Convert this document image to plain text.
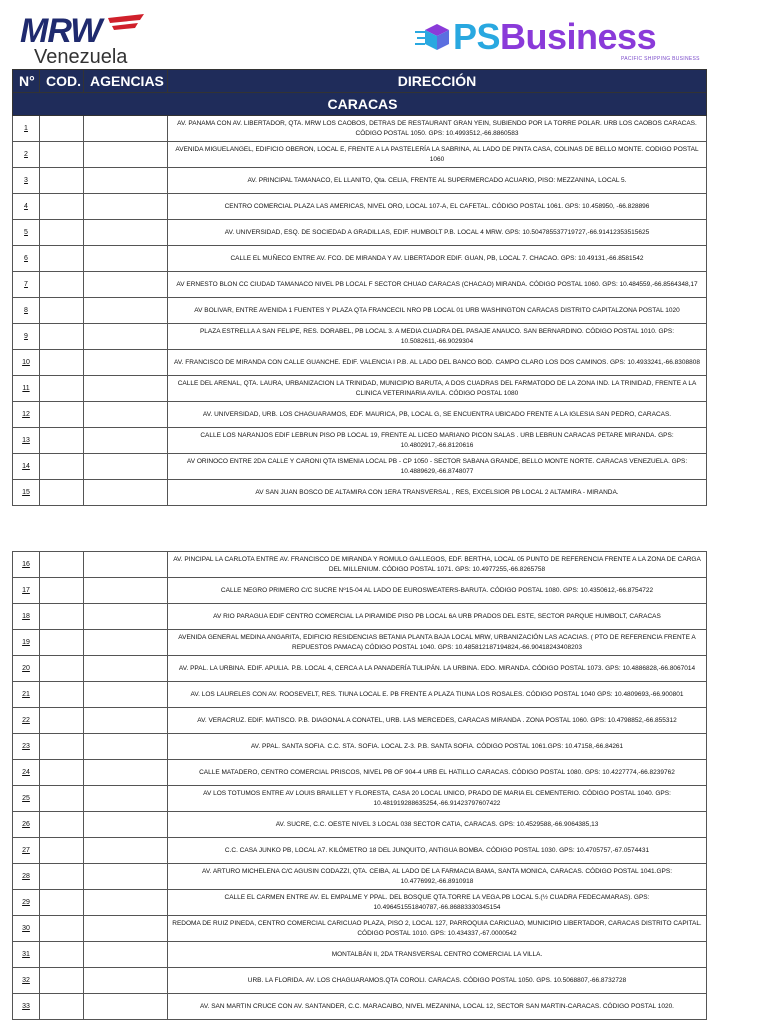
MRW
Venezuela	PSBusiness
PACIFIC SHIPPING BUSINESS
N°	COD.	AGENCIAS	DIRECCIÓN
CARACAS			
1			AV. PANAMA CON AV. LIBERTADOR, QTA. MRW LOS CAOBOS, DETRAS DE RESTAURANT GRAN YEIN, SUBIENDO POR LA TORRE POLAR. URB LOS CAOBOS CARACAS. CÓDIGO POSTAL 1050. GPS: 10.4993512,-66.8860583
2			AVENIDA MIGUELANGEL, EDIFICIO OBERON, LOCAL E, FRENTE A LA PASTELERÍA LA SABRINA, AL LADO DE PINTA CASA, COLINAS DE BELLO MONTE. CODIGO POSTAL 1060
3			AV. PRINCIPAL TAMANACO, EL LLANITO, Qta. CELIA, FRENTE AL SUPERMERCADO ACUARIO, PISO: MEZZANINA, LOCAL 5.
4			CENTRO COMERCIAL PLAZA LAS AMERICAS, NIVEL ORO, LOCAL 107-A, EL CAFETAL. CÓDIGO POSTAL 1061. GPS: 10.458950, -66.828896
5			AV. UNIVERSIDAD, ESQ. DE SOCIEDAD A GRADILLAS, EDIF. HUMBOLT P.B. LOCAL 4 MRW. GPS: 10.504785537719727,-66.91412353515625
6			CALLE EL MUÑECO ENTRE AV. FCO. DE MIRANDA Y AV. LIBERTADOR EDIF. GUAN, PB, LOCAL 7. CHACAO. GPS: 10.49131,-66.8581542
7			AV ERNESTO BLON CC CIUDAD TAMANACO NIVEL PB LOCAL F SECTOR CHUAO CARACAS (CHACAO) MIRANDA. CÓDIGO POSTAL 1060. GPS: 10.484559,-66.8564348,17
8			AV BOLIVAR, ENTRE AVENIDA 1 FUENTES Y PLAZA QTA FRANCECIL NRO PB LOCAL 01 URB WASHINGTON CARACAS DISTRITO CAPITALZONA POSTAL 1020
9			PLAZA ESTRELLA A SAN FELIPE, RES. DORABEL, PB LOCAL 3. A MEDIA CUADRA DEL PASAJE ANAUCO. SAN BERNARDINO. CÓDIGO POSTAL 1010. GPS: 10.5082611,-66.9029304
10			AV. FRANCISCO DE MIRANDA CON CALLE GUANCHE. EDIF. VALENCIA I P.B. AL LADO DEL BANCO BOD. CAMPO CLARO LOS DOS CAMINOS. GPS: 10.4933241,-66.8308808
11			CALLE DEL ARENAL, QTA. LAURA, URBANIZACION LA TRINIDAD, MUNICIPIO BARUTA, A DOS CUADRAS DEL FARMATODO DE LA ZONA IND. LA TRINIDAD, FRENTE A LA CLINICA VETERINARIA AVILA. CÓDIGO POSTAL 1080
12			AV. UNIVERSIDAD, URB. LOS CHAGUARAMOS, EDF. MAURICA, PB, LOCAL G, SE ENCUENTRA UBICADO FRENTE A LA IGLESIA SAN PEDRO, CARACAS.
13			CALLE LOS NARANJOS EDIF LEBRUN PISO PB LOCAL 19, FRENTE AL LICEO MARIANO PICON SALAS . URB LEBRUN CARACAS PETARE MIRANDA. GPS: 10.4802917,-66.8120616
14			AV ORINOCO ENTRE 2DA CALLE Y CARONI QTA ISMENIA LOCAL PB - CP 1050 - SECTOR SABANA GRANDE, BELLO MONTE NORTE. CARACAS VENEZUELA. GPS: 10.4889629,-66.8748077
15			AV SAN JUAN BOSCO DE ALTAMIRA CON 1ERA TRANSVERSAL , RES, EXCELSIOR PB LOCAL 2 ALTAMIRA - MIRANDA.
16			AV. PINCIPAL LA CARLOTA ENTRE AV. FRANCISCO DE MIRANDA Y ROMULO GALLEGOS, EDF. BERTHA, LOCAL 05 PUNTO DE REFERENCIA FRENTE A LA ZONA DE CARGA DEL MILLENIUM. CÓDIGO POSTAL 1071. GPS: 10.4977255,-66.8265758
17			CALLE NEGRO PRIMERO C/C SUCRE Nº15-04 AL LADO DE EUROSWEATERS-BARUTA. CÓDIGO POSTAL 1080. GPS: 10.4350612,-66.8754722
18			AV RIO PARAGUA EDIF CENTRO COMERCIAL LA PIRAMIDE PISO PB LOCAL 6A URB PRADOS DEL ESTE, SECTOR PARQUE HUMBOLT, CARACAS
19			AVENIDA GENERAL MEDINA ANGARITA, EDIFICIO RESIDENCIAS BETANIA PLANTA BAJA LOCAL MRW, URBANIZACIÓN LAS ACACIAS. ( PTO DE REFERENCIA FRENTE A REPUESTOS PAMACA) CÓDIGO POSTAL 1040. GPS: 10.485812187194824,-66.90418243408203
20			AV. PPAL. LA URBINA. EDIF. APULIA. P.B. LOCAL 4, CERCA A LA PANADERÍA TULIPÁN. LA URBINA. EDO. MIRANDA. CÓDIGO POSTAL 1073. GPS: 10.4886828,-66.8067014
21			AV. LOS LAURELES CON AV. ROOSEVELT, RES. TIUNA LOCAL E. PB FRENTE A PLAZA TIUNA LOS ROSALES. CÓDIGO POSTAL 1040 GPS: 10.4809693,-66.900801
22			AV. VERACRUZ. EDIF. MATISCO. P.B. DIAGONAL A CONATEL, URB. LAS MERCEDES, CARACAS MIRANDA . ZONA POSTAL 1060. GPS: 10.4798852,-66.855312
23			AV. PPAL. SANTA SOFIA. C.C. STA. SOFIA. LOCAL Z-3. P.B. SANTA SOFIA. CÓDIGO POSTAL 1061.GPS: 10.47158,-66.84261
24			CALLE MATADERO, CENTRO COMERCIAL PRISCOS, NIVEL PB OF 904-4 URB EL HATILLO CARACAS. CÓDIGO POSTAL 1080. GPS: 10.4227774,-66.8239762
25			AV LOS TOTUMOS ENTRE AV LOUIS BRAILLET Y FLORESTA, CASA 20 LOCAL UNICO, PRADO DE MARIA EL CEMENTERIO. CÓDIGO POSTAL 1040. GPS: 10.481919288635254,-66.91423797607422
26			AV. SUCRE, C.C. OESTE NIVEL 3 LOCAL 038 SECTOR CATIA, CARACAS. GPS: 10.4529588,-66.9064385,13
27			C.C. CASA JUNKO PB, LOCAL A7. KILÓMETRO 18 DEL JUNQUITO, ANTIGUA BOMBA. CÓDIGO POSTAL 1030. GPS: 10.4705757,-67.0574431
28			AV. ARTURO MICHELENA C/C AGUSIN CODAZZI, QTA. CEIBA, AL LADO DE LA FARMACIA BAMA, SANTA MONICA, CARACAS. CÓDIGO POSTAL 1041.GPS: 10.4776992,-66.8910918
29			CALLE EL CARMEN ENTRE AV. EL EMPALME Y PPAL. DEL BOSQUE QTA.TORRE LA VEGA.PB LOCAL 5.(½ CUADRA FEDECAMARAS). GPS: 10.496451551840787,-66.86883330345154
30			REDOMA DE RUIZ PINEDA, CENTRO COMERCIAL CARICUAO PLAZA, PISO 2, LOCAL 127, PARROQUIA CARICUAO, MUNICIPIO LIBERTADOR, CARACAS DISTRITO CAPITAL. CÓDIGO POSTAL 1010. GPS: 10.434337,-67.0000542
31			MONTALBÁN II, 2DA TRANSVERSAL CENTRO COMERCIAL LA VILLA.
32			URB. LA FLORIDA. AV. LOS CHAGUARAMOS.QTA COROLI. CARACAS. CÓDIGO POSTAL 1050. GPS. 10.5068807,-66.8732728
33			AV. SAN MARTIN CRUCE CON AV. SANTANDER, C.C. MARACAIBO, NIVEL MEZANINA, LOCAL 12, SECTOR SAN MARTIN-CARACAS. CÓDIGO POSTAL 1020.
